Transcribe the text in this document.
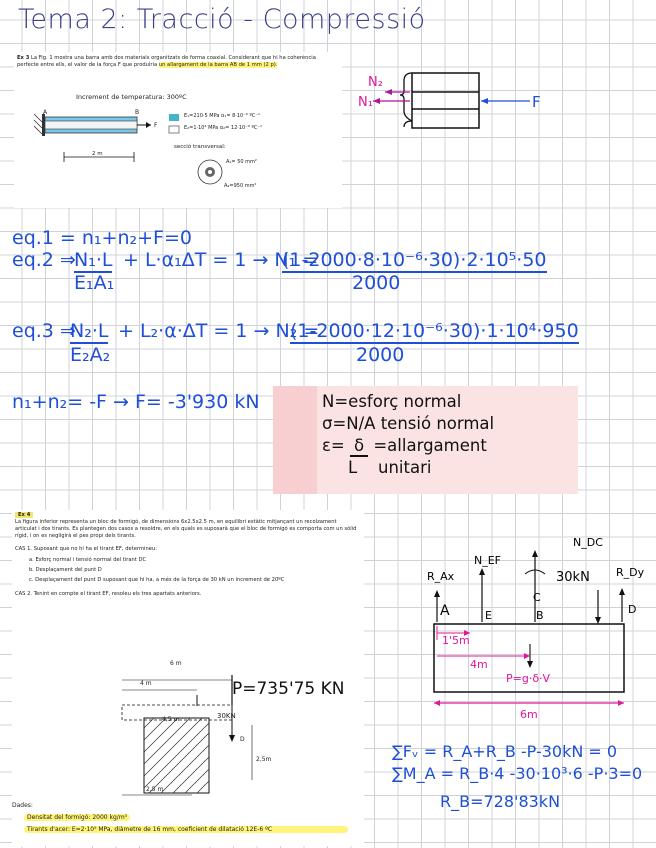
Tema 2: Tracció - Compressió
Ex 3 La Fig. 1 mostra una barra amb dos materials organitzats de forma coaxial. Considerant que hi ha coherència perfecte entre ells, el valor de la força F que produiria un allargament de la barra AB de 1 mm (2 p).
Increment de temperatura: 300ºC
A	B
F
E₁=210·5 MPa α₁= 8·10⁻⁶ ºC⁻¹
E₂=1·10⁴ MPa α₂= 12·10⁻⁶ ºC⁻¹
secció transversal:
A₁= 50 mm²
A₂=950 mm²
2 m
N₂
N₁	F
eq.1 = n₁+n₂+F=0
eq.2 ⇒
N₁·L
E₁A₁
+ L·α₁ΔT = 1 → N₁ =
(1-2000·8·10⁻⁶·30)·2·10⁵·50
2000
eq.3 ⇒
N₂·L
E₂A₂
+ L₂·α·ΔT = 1 → N₂ =
(1-2000·12·10⁻⁶·30)·1·10⁴·950
2000
n₁+n₂= -F → F= -3'930 kN	N=esforç normal
σ=N/A tensió normal
ε= δ =allargament
L unitari
Ex 4
La figura inferior representa un bloc de formigó, de dimensions 6x2.5x2.5 m, en equilibri estàtic mitjançant un recolzament articulat i dos tirants. Es plantegen dos casos a resoldre, en els quals es suposarà que el bloc de formigó es comporta com un sòlid rígid, i on es negligirà el pes propi dels tirants.
CAS 1. Suposant que no hi ha el tirant EF, determineu:
a. Esforç normal i tensió normal del tirant DC
b. Desplaçament del punt D
c. Desplaçament del punt D suposant que hi ha, a més de la força de 30 kN un increment de 20ºC
CAS 2. Tenint en compte el tirant EF, resoleu els tres apartats anteriors.
6 m
4 m
4,5 m	30KN
D
2,5m
2,5 m
Dades:
Densitat del formigó: 2000 kg/m³
Tirants d'acer: E=2·10⁵ MPa, diàmetre de 16 mm, coeficient de dilatació 12E-6 ºC
P=735'75 KN
R_Ax
N_EF
N_DC
30kN R_Dy
A	E	B
C
D
1'5m
4m
P=g·δ·V
6m
∑Fᵥ = R_A+R_B -P-30kN = 0
∑M_A = R_B·4 -30·10³·6 -P·3=0
R_B=728'83kN
